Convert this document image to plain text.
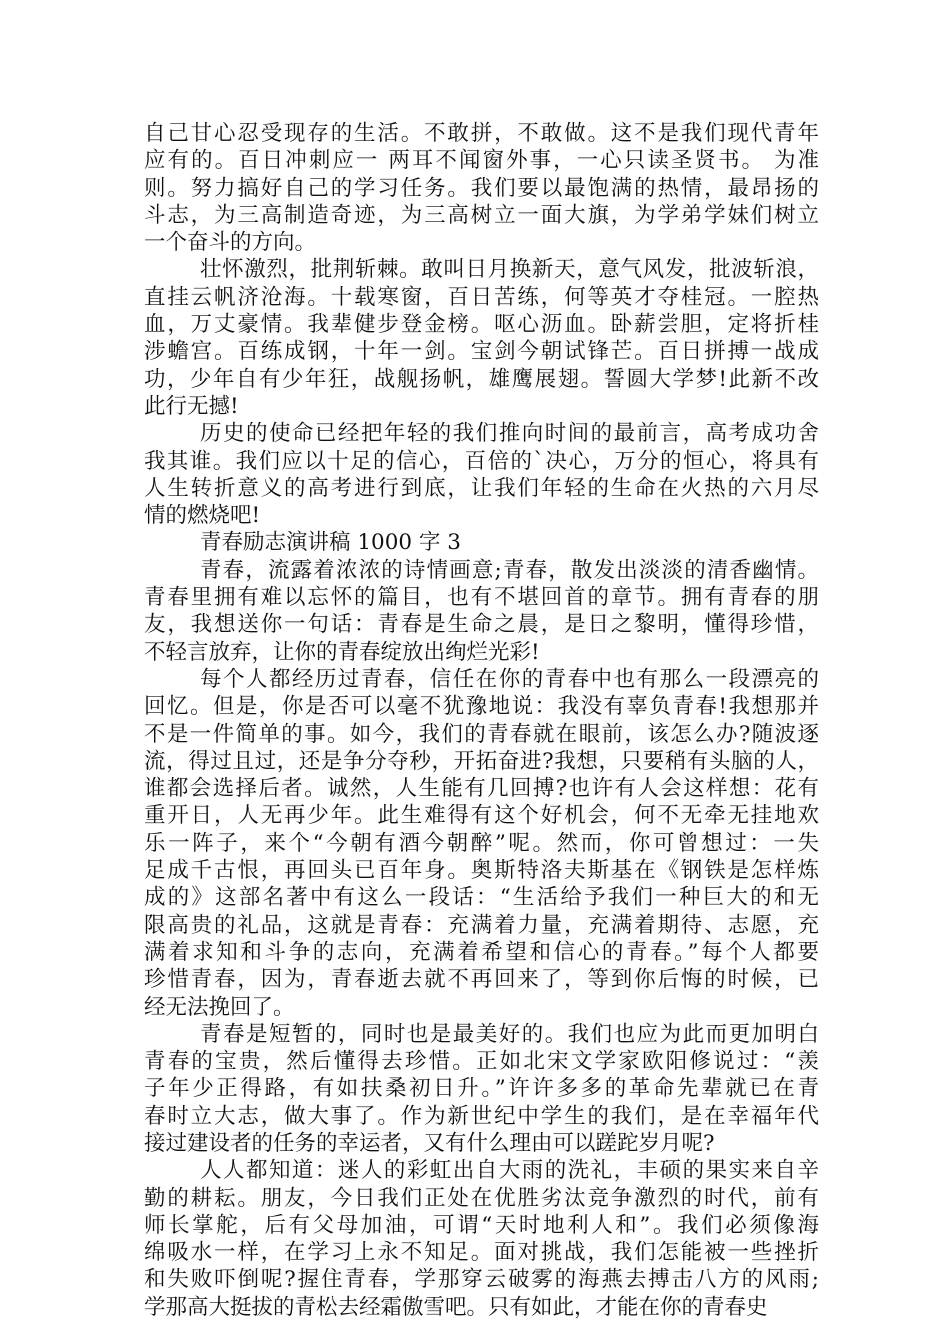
自己甘心忍受现存的生活。不敢拼，不敢做。这不是我们现代青年
应有的。百日冲刺应一 两耳不闻窗外事，一心只读圣贤书。 为准
则。努力搞好自己的学习任务。我们要以最饱满的热情，最昂扬的
斗志，为三高制造奇迹，为三高树立一面大旗，为学弟学妹们树立
一个奋斗的方向。
壮怀激烈，批荆斩棘。敢叫日月换新天，意气风发，批波斩浪，
直挂云帆济沧海。十载寒窗，百日苦练，何等英才夺桂冠。一腔热
血，万丈豪情。我辈健步登金榜。呕心沥血。卧薪尝胆，定将折桂
涉蟾宫。百练成钢，十年一剑。宝剑今朝试锋芒。百日拼搏一战成
功，少年自有少年狂，战舰扬帆，雄鹰展翅。誓圆大学梦!此新不改
此行无撼!
历史的使命已经把年轻的我们推向时间的最前言，高考成功舍
我其谁。我们应以十足的信心，百倍的`决心，万分的恒心，将具有
人生转折意义的高考进行到底，让我们年轻的生命在火热的六月尽
情的燃烧吧!
青春励志演讲稿 1000 字 3
青春，流露着浓浓的诗情画意;青春，散发出淡淡的清香幽情。
青春里拥有难以忘怀的篇目，也有不堪回首的章节。拥有青春的朋
友，我想送你一句话：青春是生命之晨，是日之黎明，懂得珍惜，
不轻言放弃，让你的青春绽放出绚烂光彩!
每个人都经历过青春，信任在你的青春中也有那么一段漂亮的
回忆。但是，你是否可以毫不犹豫地说：我没有辜负青春!我想那并
不是一件简单的事。如今，我们的青春就在眼前，该怎么办?随波逐
流，得过且过，还是争分夺秒，开拓奋进?我想，只要稍有头脑的人，
谁都会选择后者。诚然，人生能有几回搏?也许有人会这样想：花有
重开日，人无再少年。此生难得有这个好机会，何不无牵无挂地欢
乐一阵子，来个“今朝有酒今朝醉”呢。然而，你可曾想过：一失
足成千古恨，再回头已百年身。奥斯特洛夫斯基在《钢铁是怎样炼
成的》这部名著中有这么一段话：“生活给予我们一种巨大的和无
限高贵的礼品，这就是青春：充满着力量，充满着期待、志愿，充
满着求知和斗争的志向，充满着希望和信心的青春。”每个人都要
珍惜青春，因为，青春逝去就不再回来了，等到你后悔的时候，已
经无法挽回了。
青春是短暂的，同时也是最美好的。我们也应为此而更加明白
青春的宝贵，然后懂得去珍惜。正如北宋文学家欧阳修说过：“羡
子年少正得路，有如扶桑初日升。”许许多多的革命先辈就已在青
春时立大志，做大事了。作为新世纪中学生的我们，是在幸福年代
接过建设者的任务的幸运者，又有什么理由可以蹉跎岁月呢?
人人都知道：迷人的彩虹出自大雨的洗礼，丰硕的果实来自辛
勤的耕耘。朋友，今日我们正处在优胜劣汰竞争激烈的时代，前有
师长掌舵，后有父母加油，可谓“天时地利人和”。我们必须像海
绵吸水一样，在学习上永不知足。面对挑战，我们怎能被一些挫折
和失败吓倒呢?握住青春，学那穿云破雾的海燕去搏击八方的风雨;
学那高大挺拔的青松去经霜傲雪吧。只有如此，才能在你的青春史
